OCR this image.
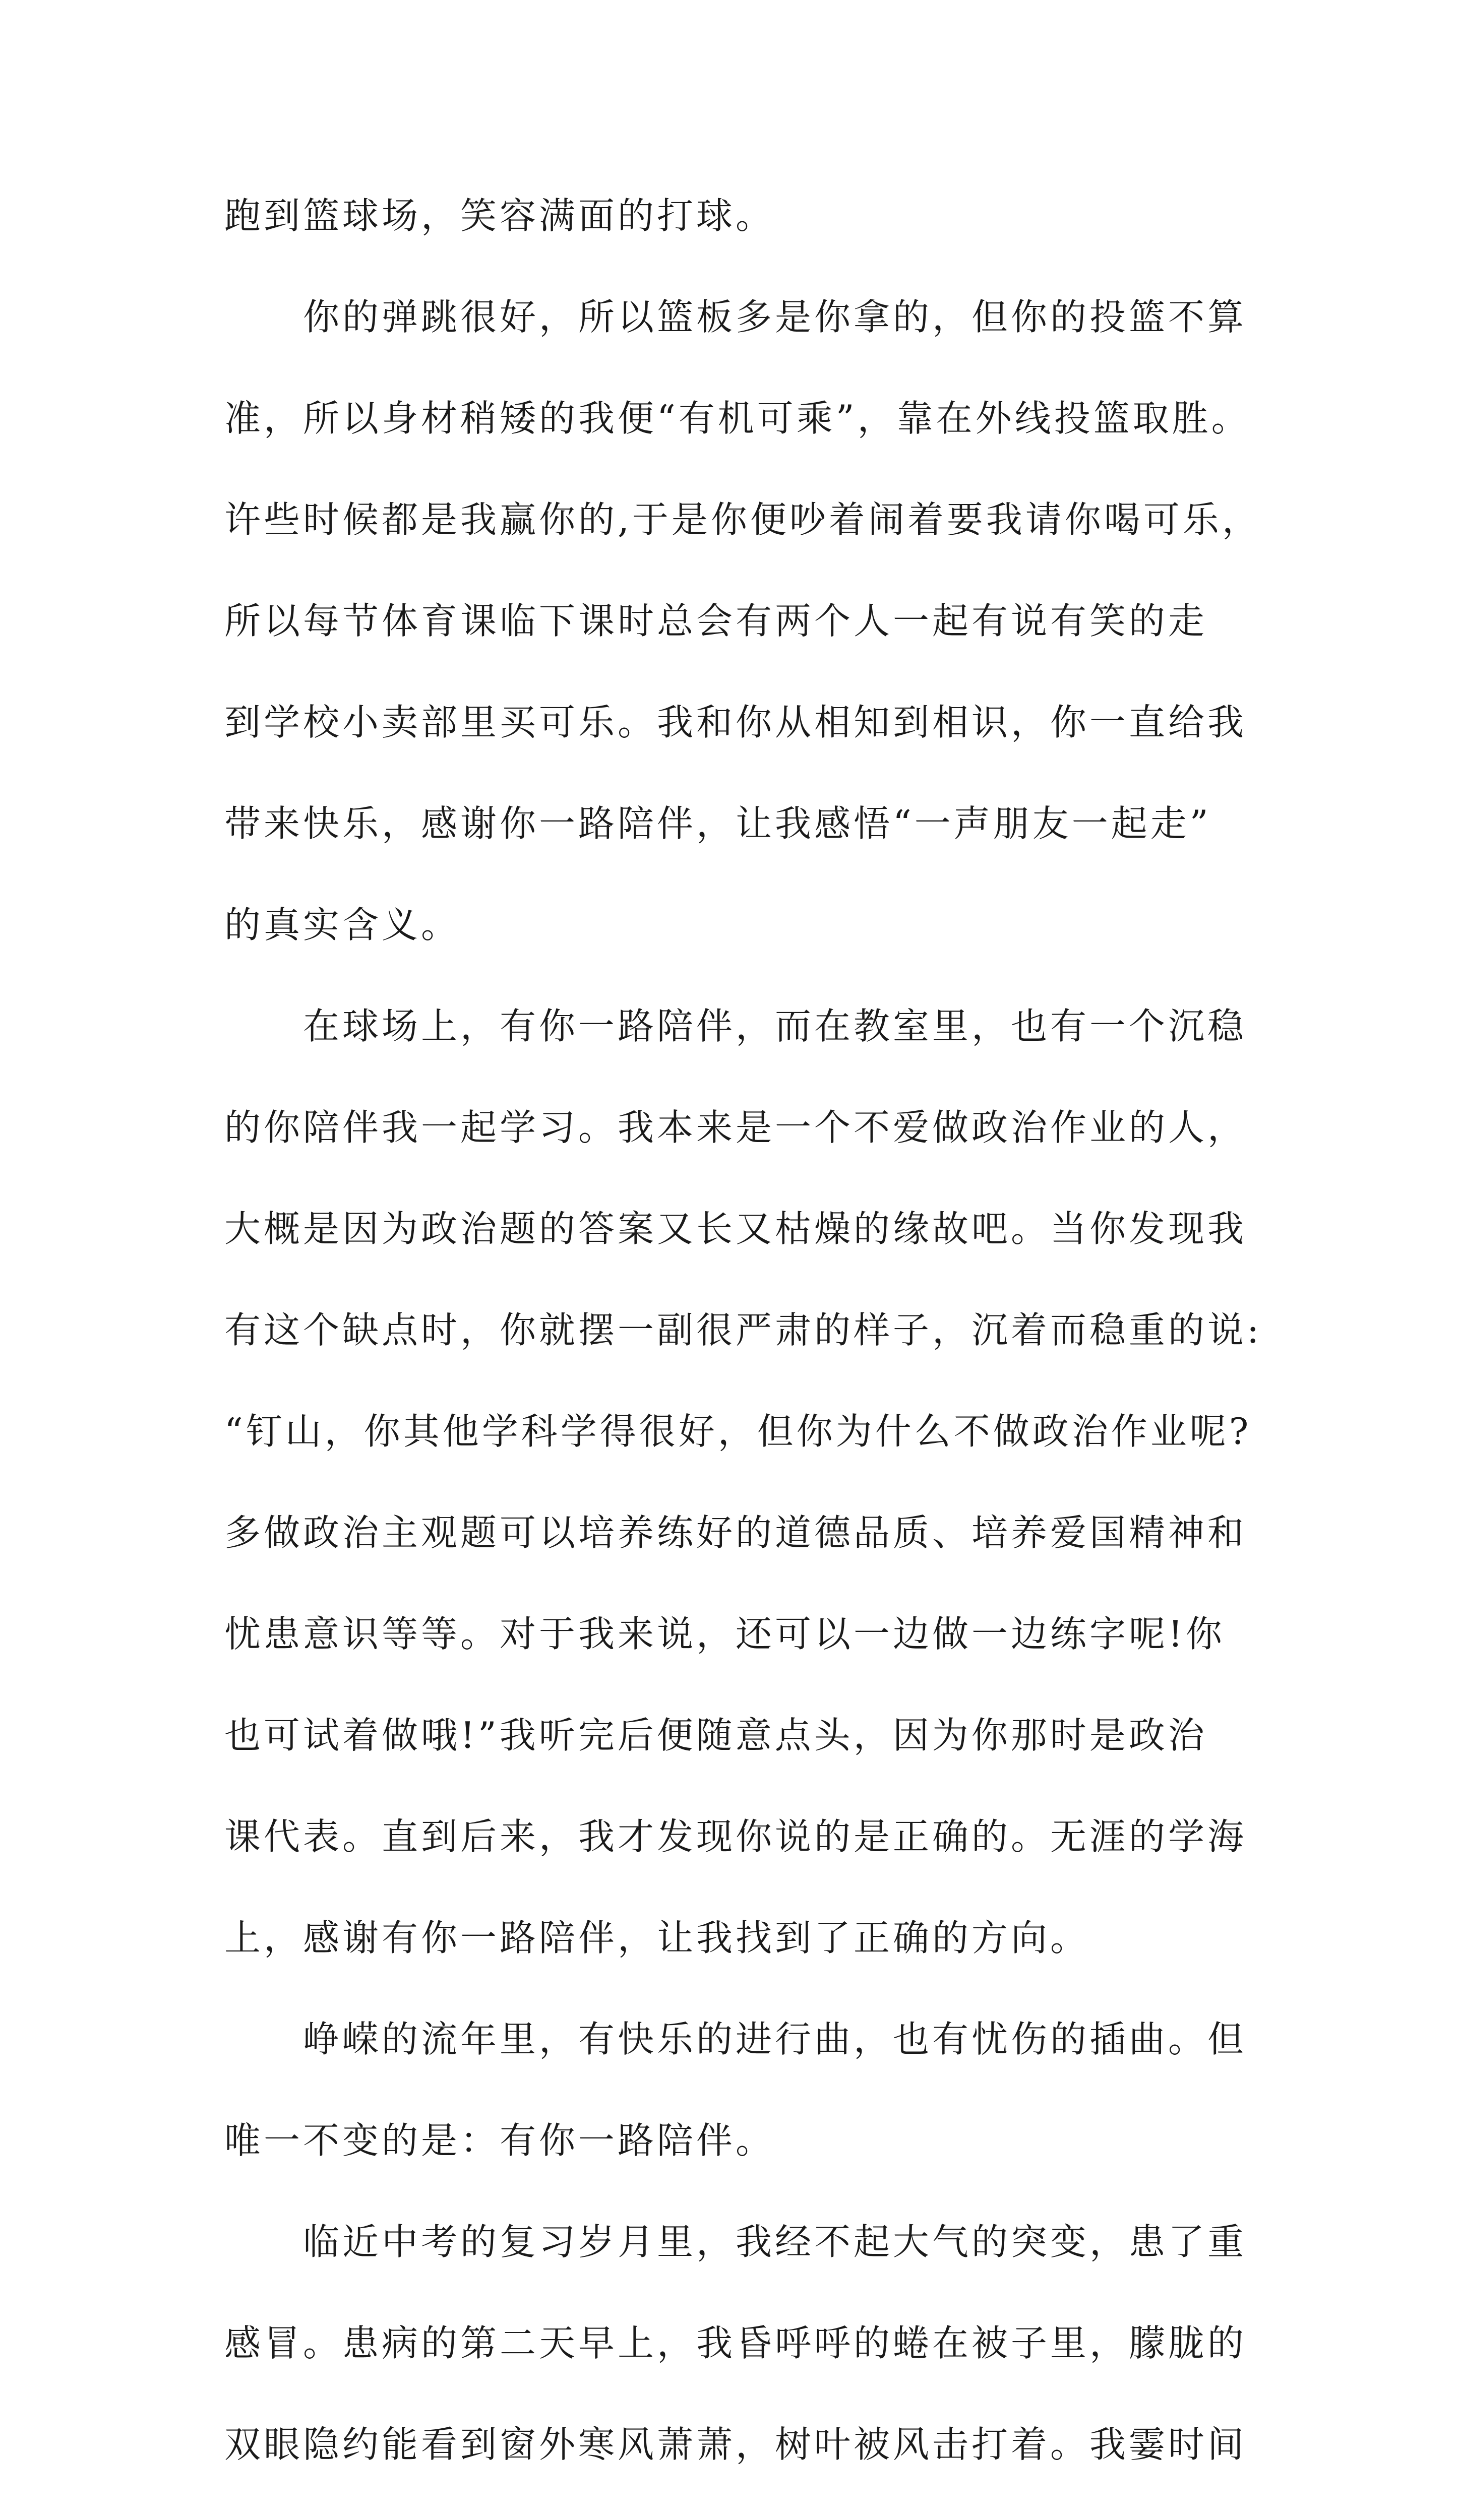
跑到篮球场，笑容满面的打球。
你的弹跳很好，所以篮板多是你拿的，但你的投篮不算
准，所以身材稍矮的我便“有机可乘”，靠在外线投篮取胜。
许些时候都是我赢你的,于是你便吵着闹着要我请你喝可乐，
所以每节体育课临下课时总会有两个人一起有说有笑的走
到学校小卖部里买可乐。我和你从相知到相识，你一直给我
带来快乐，感谢你一路陪伴，让我感悟“一声朋友一起走”
的真实含义。
在球场上，有你一路陪伴，而在教室里，也有一个沉稳
的你陪伴我一起学习。我本来是一个不爱做政治作业的人，
大概是因为政治题的答案又长又枯燥的缘故吧。当你发现我
有这个缺点时，你就摆一副很严肃的样子，沉着而稳重的说:
“钉山，你其他学科学得很好，但你为什么不做政治作业呢?
多做政治主观题可以培养练好的道德品质、培养爱国精神和
忧患意识等等。对于我来说，还可以一边做一边练字呢!你
也可试着做哦!”我听完后便随意点头，因为你那时是政治
课代表。直到后来，我才发现你说的是正确的。无涯的学海
上，感谢有你一路陪伴，让我找到了正确的方向。
峥嵘的流年里，有快乐的进行曲，也有忧伤的插曲。但
唯一不变的是：有你一路陪伴。
临近中考的复习岁月里，我经不起大气的突变，患了重
感冒。患病的第二天早上，我昏呼呼的蜷在被子里，朦胧的
双眼隐约能看到窗外寒风萧萧，树叶被风击打着。我霎时间
